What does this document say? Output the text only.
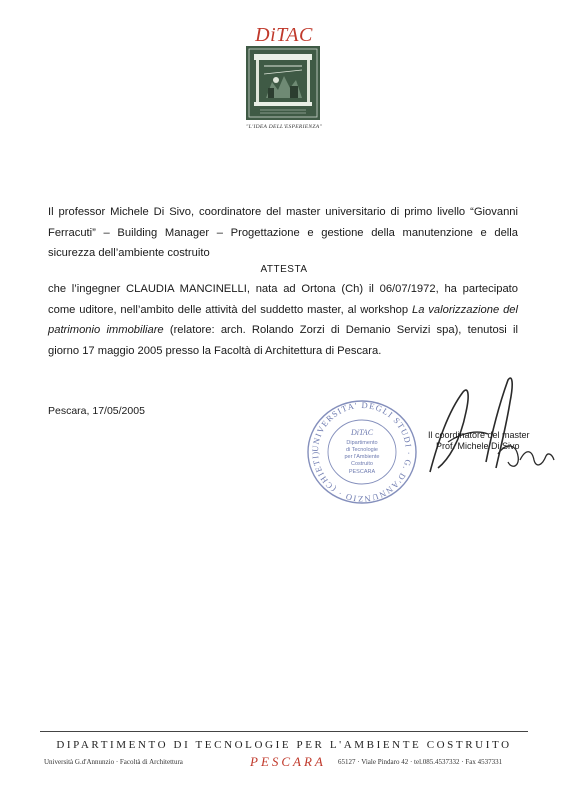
DiTAC
"L'IDEA DELL'ESPERIENZA"
Il professor Michele Di Sivo, coordinatore del master universitario di primo livello “Giovanni Ferracuti” – Building Manager – Progettazione e gestione della manutenzione e della sicurezza dell’ambiente costruito
ATTESTA
che l’ingegner CLAUDIA MANCINELLI, nata ad Ortona (Ch) il 06/07/1972, ha partecipato come uditore, nell’ambito delle attività del suddetto master, al workshop La valorizzazione del patrimonio immobiliare (relatore: arch. Rolando Zorzi di Demanio Servizi spa), tenutosi il giorno 17 maggio 2005 presso la Facoltà di Architettura di Pescara.
Pescara, 17/05/2005
UNIVERSITA' DEGLI STUDI · G. D'ANNUNZIO · (CHIETI)
DiTAC
Dipartimento
di Tecnologie
per l'Ambiente
Costruito
PESCARA
Il coordinatore del master
Prof. Michele Di Sivo
DIPARTIMENTO DI TECNOLOGIE PER L'AMBIENTE COSTRUITO
Università G.d'Annunzio · Facoltà di Architettura	PESCARA 65127 · Viale Pindaro 42 · tel.085.4537332 · Fax 4537331
